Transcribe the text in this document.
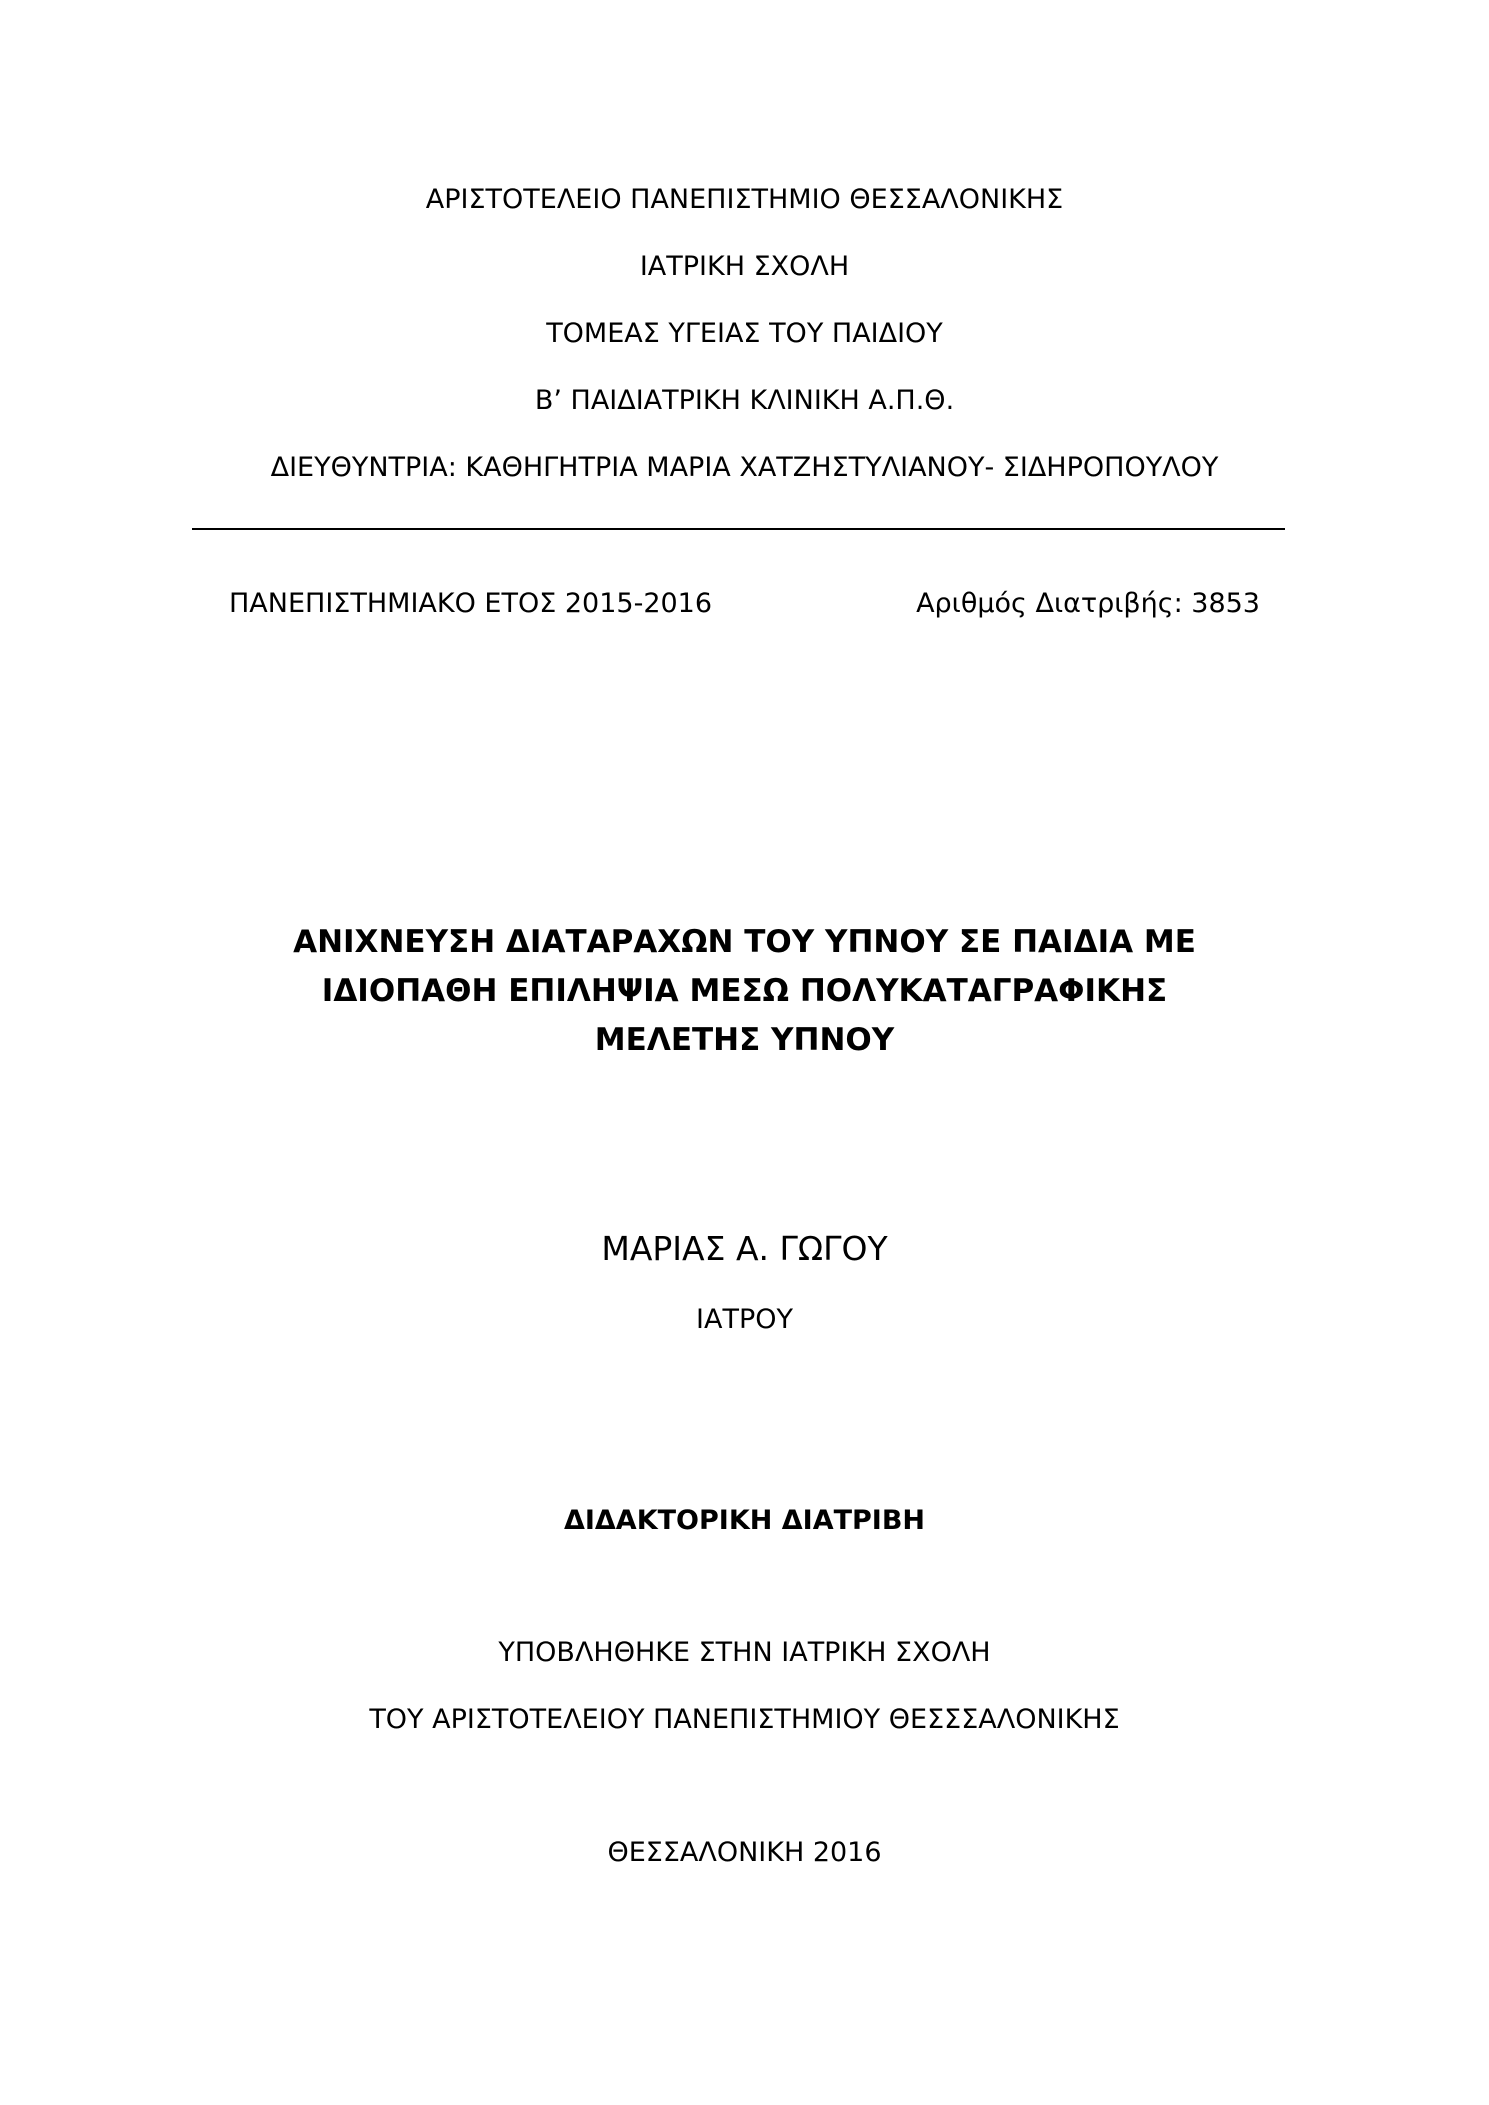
ΑΡΙΣΤΟΤΕΛΕΙΟ ΠΑΝΕΠΙΣΤΗΜΙΟ ΘΕΣΣΑΛΟΝΙΚΗΣ
ΙΑΤΡΙΚΗ ΣΧΟΛΗ
ΤΟΜΕΑΣ ΥΓΕΙΑΣ ΤΟΥ ΠΑΙΔΙΟΥ
Β’ ΠΑΙΔΙΑΤΡΙΚΗ ΚΛΙΝΙΚΗ Α.Π.Θ.
ΔΙΕΥΘΥΝΤΡΙΑ: ΚΑΘΗΓΗΤΡΙΑ ΜΑΡΙΑ ΧΑΤΖΗΣΤΥΛΙΑΝΟΥ- ΣΙΔΗΡΟΠΟΥΛΟΥ
ΠΑΝΕΠΙΣΤΗΜΙΑΚΟ ΕΤΟΣ 2015-2016	Αριθμός Διατριβής: 3853
ΑΝΙΧΝΕΥΣΗ ΔΙΑΤΑΡΑΧΩΝ ΤΟΥ ΥΠΝΟΥ ΣΕ ΠΑΙΔΙΑ ΜΕ
ΙΔΙΟΠΑΘΗ ΕΠΙΛΗΨΙΑ ΜΕΣΩ ΠΟΛΥΚΑΤΑΓΡΑΦΙΚΗΣ
ΜΕΛΕΤΗΣ ΥΠΝΟΥ
ΜΑΡΙΑΣ Α. ΓΩΓΟΥ
ΙΑΤΡΟΥ
ΔΙΔΑΚΤΟΡΙΚΗ ΔΙΑΤΡΙΒΗ
ΥΠΟΒΛΗΘΗΚΕ ΣΤΗΝ ΙΑΤΡΙΚΗ ΣΧΟΛΗ
ΤΟΥ ΑΡΙΣΤΟΤΕΛΕΙΟΥ ΠΑΝΕΠΙΣΤΗΜΙΟΥ ΘΕΣΣΣΑΛΟΝΙΚΗΣ
ΘΕΣΣΑΛΟΝΙΚΗ 2016
